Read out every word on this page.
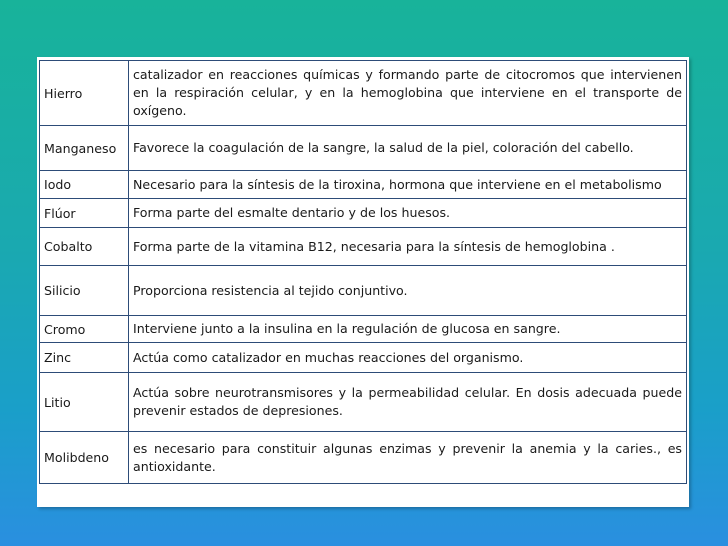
Hierro	catalizador en reacciones químicas y formando parte de citocromos que intervienen en la respiración celular, y en la hemoglobina que interviene en el transporte de oxígeno.
Manganeso	Favorece la coagulación de la sangre, la salud de la piel, coloración del cabello.
Iodo	Necesario para la síntesis de la tiroxina, hormona que interviene en el metabolismo
Flúor	Forma parte del esmalte dentario y de los huesos.
Cobalto	Forma parte de la vitamina B12, necesaria para la síntesis de hemoglobina .
Silicio	Proporciona resistencia al tejido conjuntivo.
Cromo	Interviene junto a la insulina en la regulación de glucosa en sangre.
Zinc	Actúa como catalizador en muchas reacciones del organismo.
Litio	Actúa sobre neurotransmisores y la permeabilidad celular. En dosis adecuada puede prevenir estados de depresiones.
Molibdeno	es necesario para constituir algunas enzimas y prevenir la anemia y la caries., es antioxidante.
